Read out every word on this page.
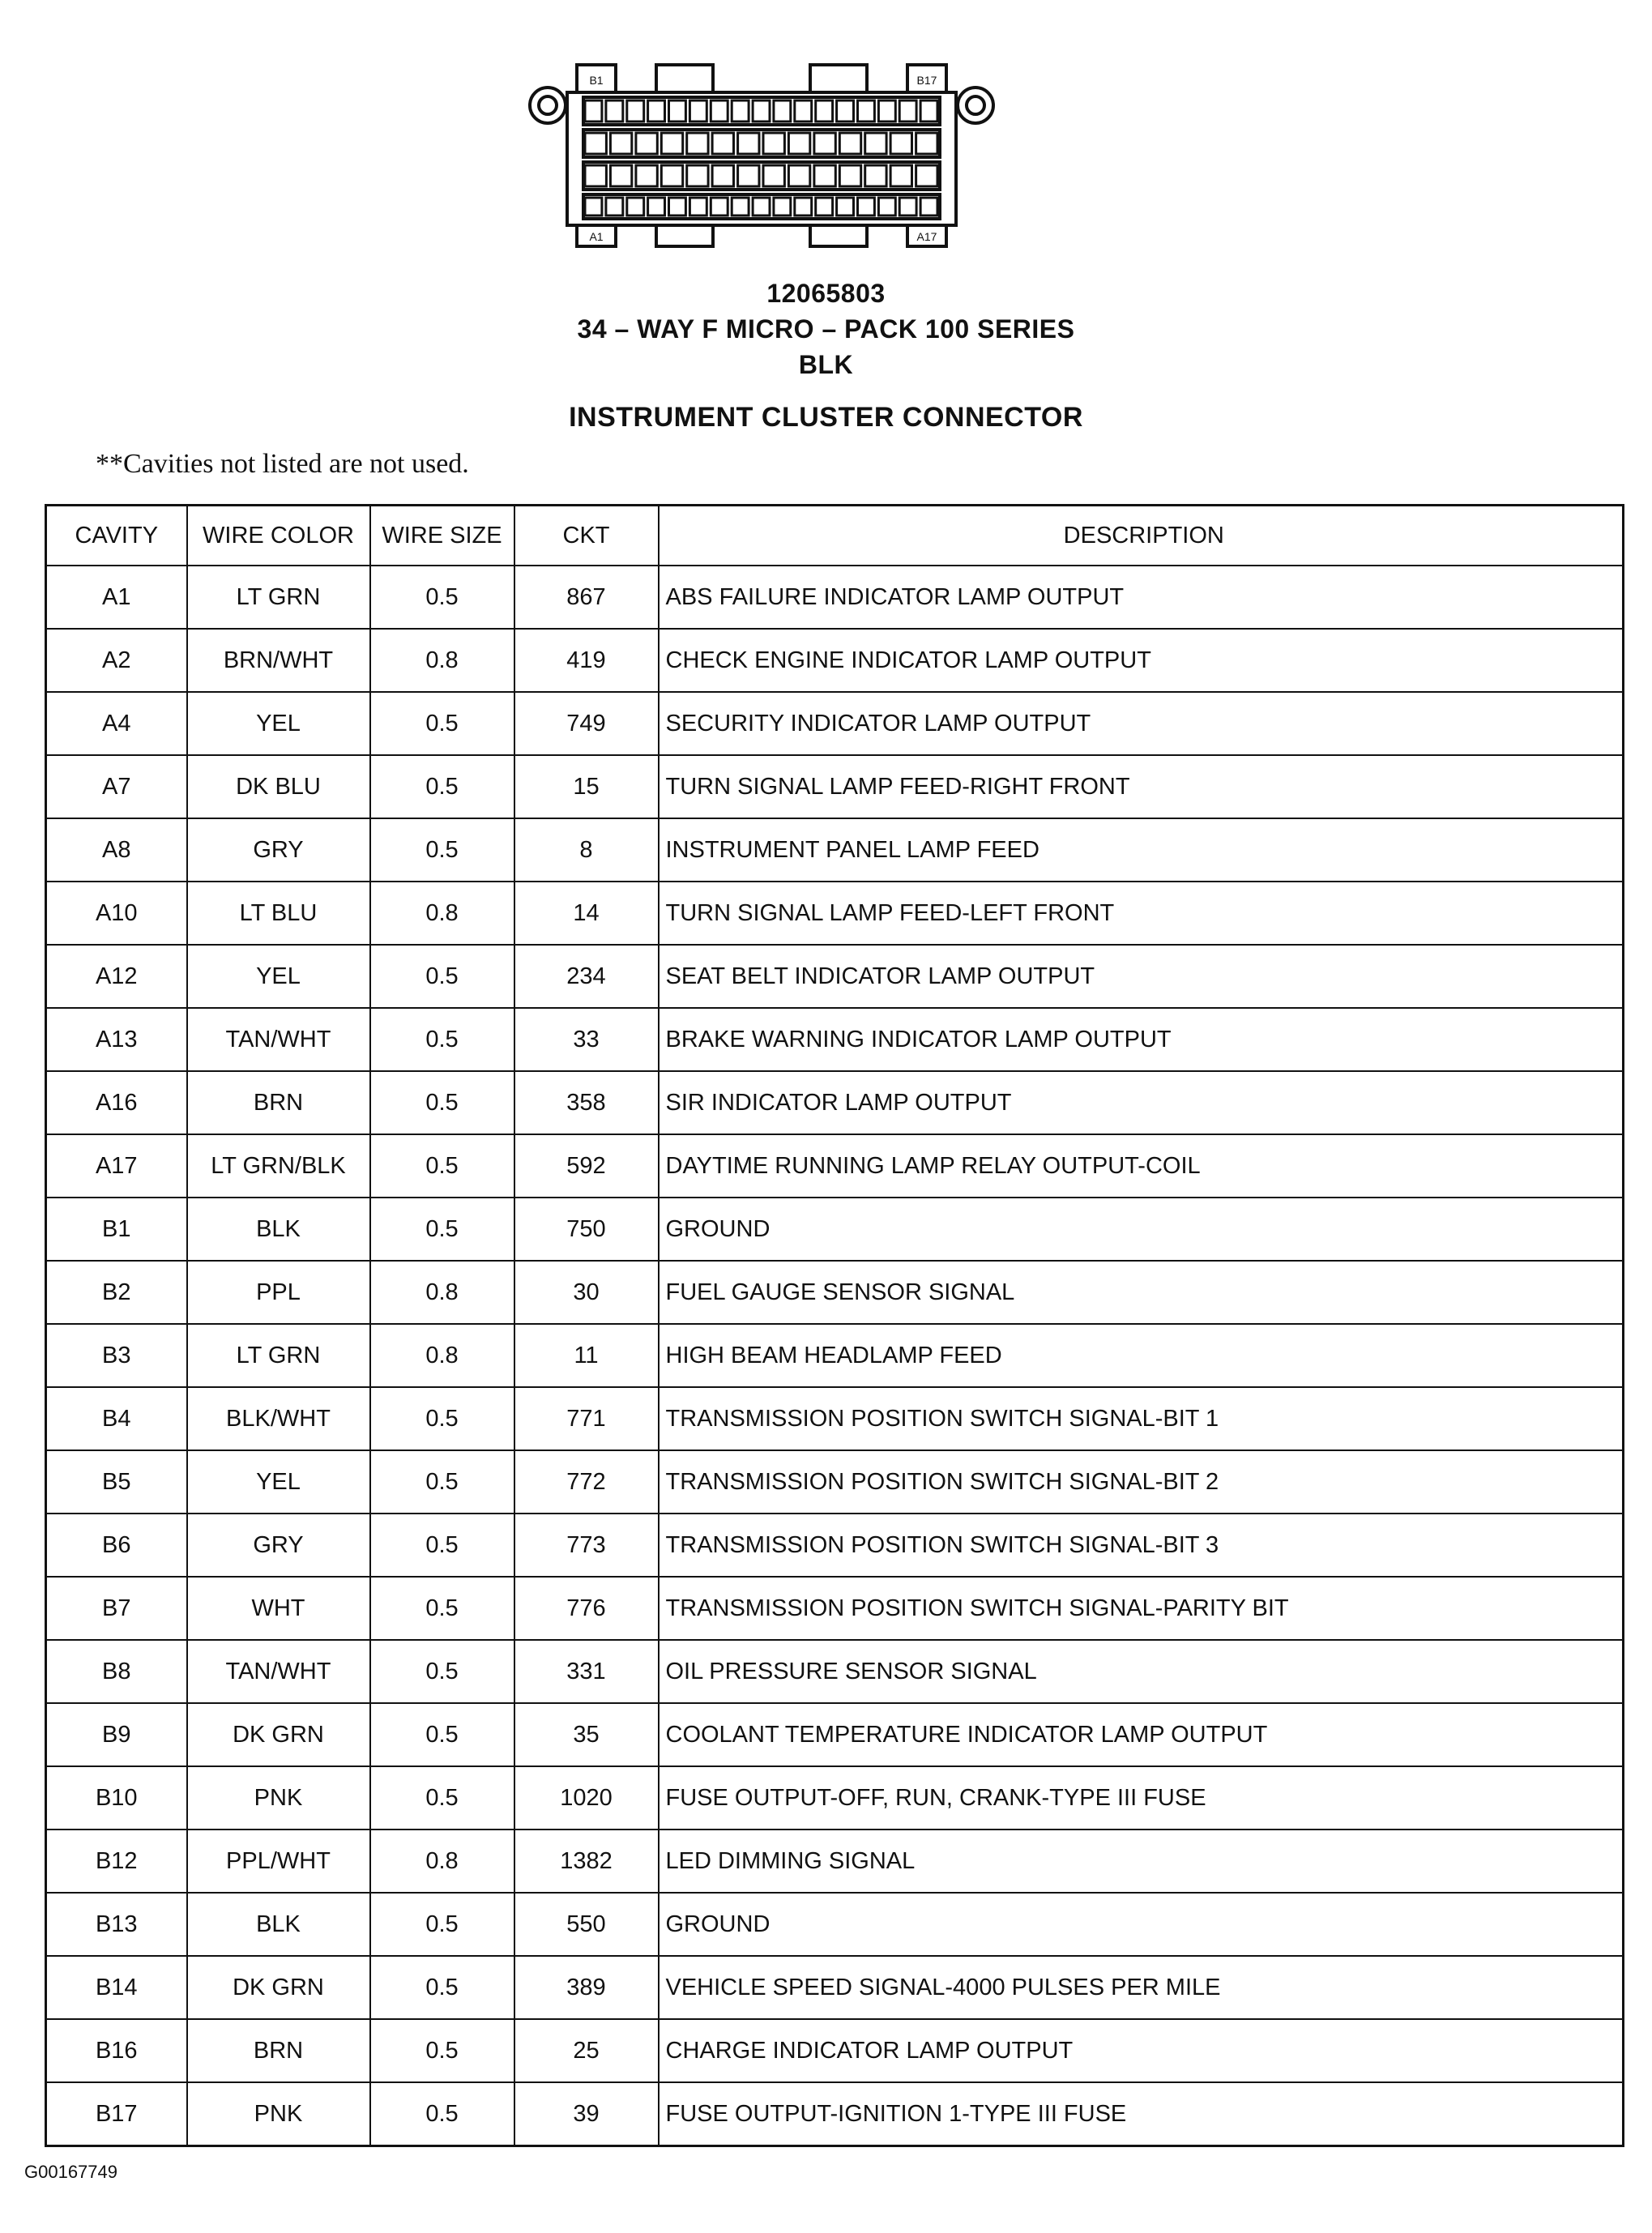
B1	B17
A1	A17
12065803
34 – WAY F MICRO – PACK 100 SERIES
BLK
INSTRUMENT CLUSTER CONNECTOR
**Cavities not listed are not used.
CAVITY	WIRE COLOR	WIRE SIZE	CKT	DESCRIPTION
A1	LT GRN	0.5	867	ABS FAILURE INDICATOR LAMP OUTPUT
A2	BRN/WHT	0.8	419	CHECK ENGINE INDICATOR LAMP OUTPUT
A4	YEL	0.5	749	SECURITY INDICATOR LAMP OUTPUT
A7	DK BLU	0.5	15	TURN SIGNAL LAMP FEED-RIGHT FRONT
A8	GRY	0.5	8	INSTRUMENT PANEL LAMP FEED
A10	LT BLU	0.8	14	TURN SIGNAL LAMP FEED-LEFT FRONT
A12	YEL	0.5	234	SEAT BELT INDICATOR LAMP OUTPUT
A13	TAN/WHT	0.5	33	BRAKE WARNING INDICATOR LAMP OUTPUT
A16	BRN	0.5	358	SIR INDICATOR LAMP OUTPUT
A17	LT GRN/BLK	0.5	592	DAYTIME RUNNING LAMP RELAY OUTPUT-COIL
B1	BLK	0.5	750	GROUND
B2	PPL	0.8	30	FUEL GAUGE SENSOR SIGNAL
B3	LT GRN	0.8	11	HIGH BEAM HEADLAMP FEED
B4	BLK/WHT	0.5	771	TRANSMISSION POSITION SWITCH SIGNAL-BIT 1
B5	YEL	0.5	772	TRANSMISSION POSITION SWITCH SIGNAL-BIT 2
B6	GRY	0.5	773	TRANSMISSION POSITION SWITCH SIGNAL-BIT 3
B7	WHT	0.5	776	TRANSMISSION POSITION SWITCH SIGNAL-PARITY BIT
B8	TAN/WHT	0.5	331	OIL PRESSURE SENSOR SIGNAL
B9	DK GRN	0.5	35	COOLANT TEMPERATURE INDICATOR LAMP OUTPUT
B10	PNK	0.5	1020	FUSE OUTPUT-OFF, RUN, CRANK-TYPE III FUSE
B12	PPL/WHT	0.8	1382	LED DIMMING SIGNAL
B13	BLK	0.5	550	GROUND
B14	DK GRN	0.5	389	VEHICLE SPEED SIGNAL-4000 PULSES PER MILE
B16	BRN	0.5	25	CHARGE INDICATOR LAMP OUTPUT
B17	PNK	0.5	39	FUSE OUTPUT-IGNITION 1-TYPE III FUSE
G00167749
